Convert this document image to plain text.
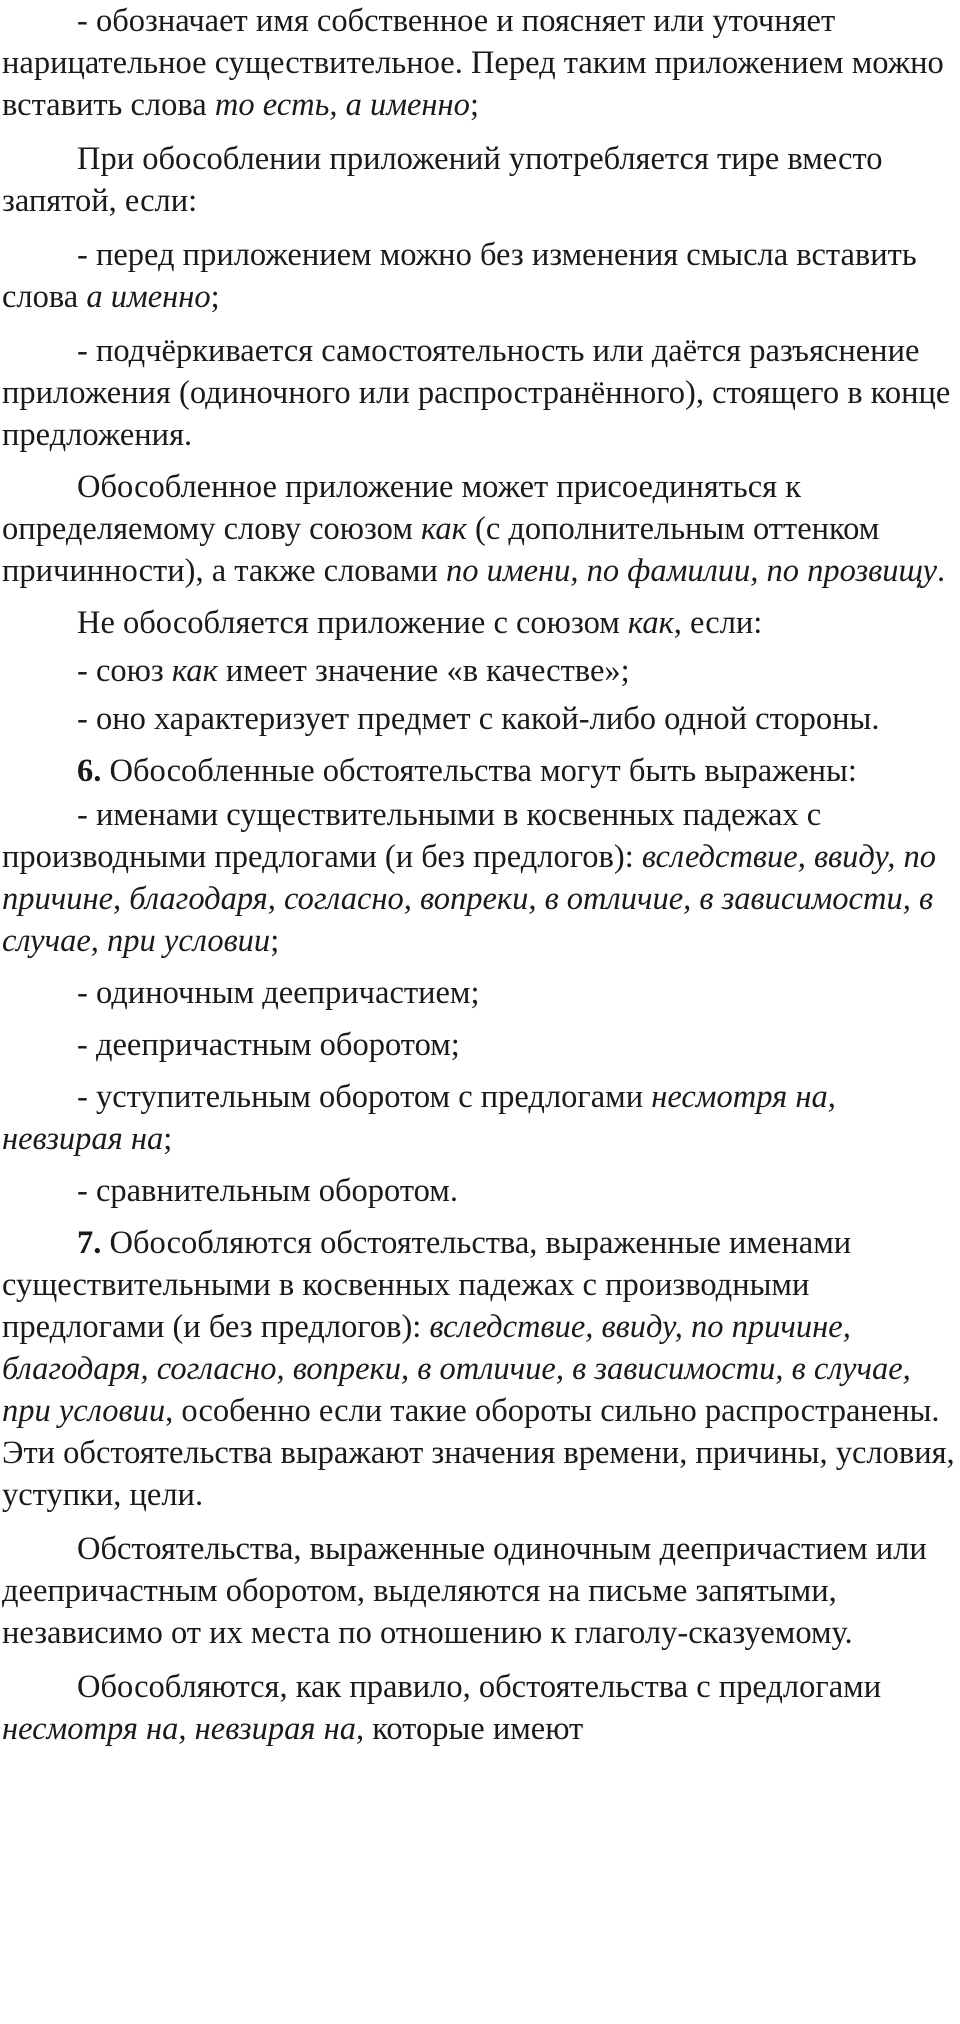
- обозначает имя собственное и поясняет или уточняет нарицательное существительное. Перед таким приложением можно вставить слова то есть, а именно;

При обособлении приложений употребляется тире вместо запятой, если:

- перед приложением можно без изменения смысла вставить слова а именно;

- подчёркивается самостоятельность или даётся разъяснение приложения (одиночного или распространённого), стоящего в конце предложения.

Обособленное приложение может присоединяться к определяемому слову союзом как (с дополнительным оттенком причинности), а также словами по имени, по фамилии, по прозвищу.

Не обособляется приложение с союзом как, если:

- союз как имеет значение «в качестве»;

- оно характеризует предмет с какой-либо одной стороны.

6. Обособленные обстоятельства могут быть выражены:

- именами существительными в косвенных падежах с производными предлогами (и без предлогов): вследствие, ввиду, по причине, благодаря, согласно, вопреки, в отличие, в зависимости, в случае, при условии;

- одиночным деепричастием;

- деепричастным оборотом;

- уступительным оборотом с предлогами несмотря на, невзирая на;

- сравнительным оборотом.

7. Обособляются обстоятельства, выраженные именами существительными в косвенных падежах с производными предлогами (и без предлогов): вследствие, ввиду, по причине, благодаря, согласно, вопреки, в отличие, в зависимости, в случае, при условии, особенно если такие обороты сильно распространены. Эти обстоятельства выражают значения времени, причины, условия, уступки, цели.

Обстоятельства, выраженные одиночным деепричастием или деепричастным оборотом, выделяются на письме запятыми, независимо от их места по отношению к глаголу-сказуемому.

Обособляются, как правило, обстоятельства с предлогами несмотря на, невзирая на, которые имеют
